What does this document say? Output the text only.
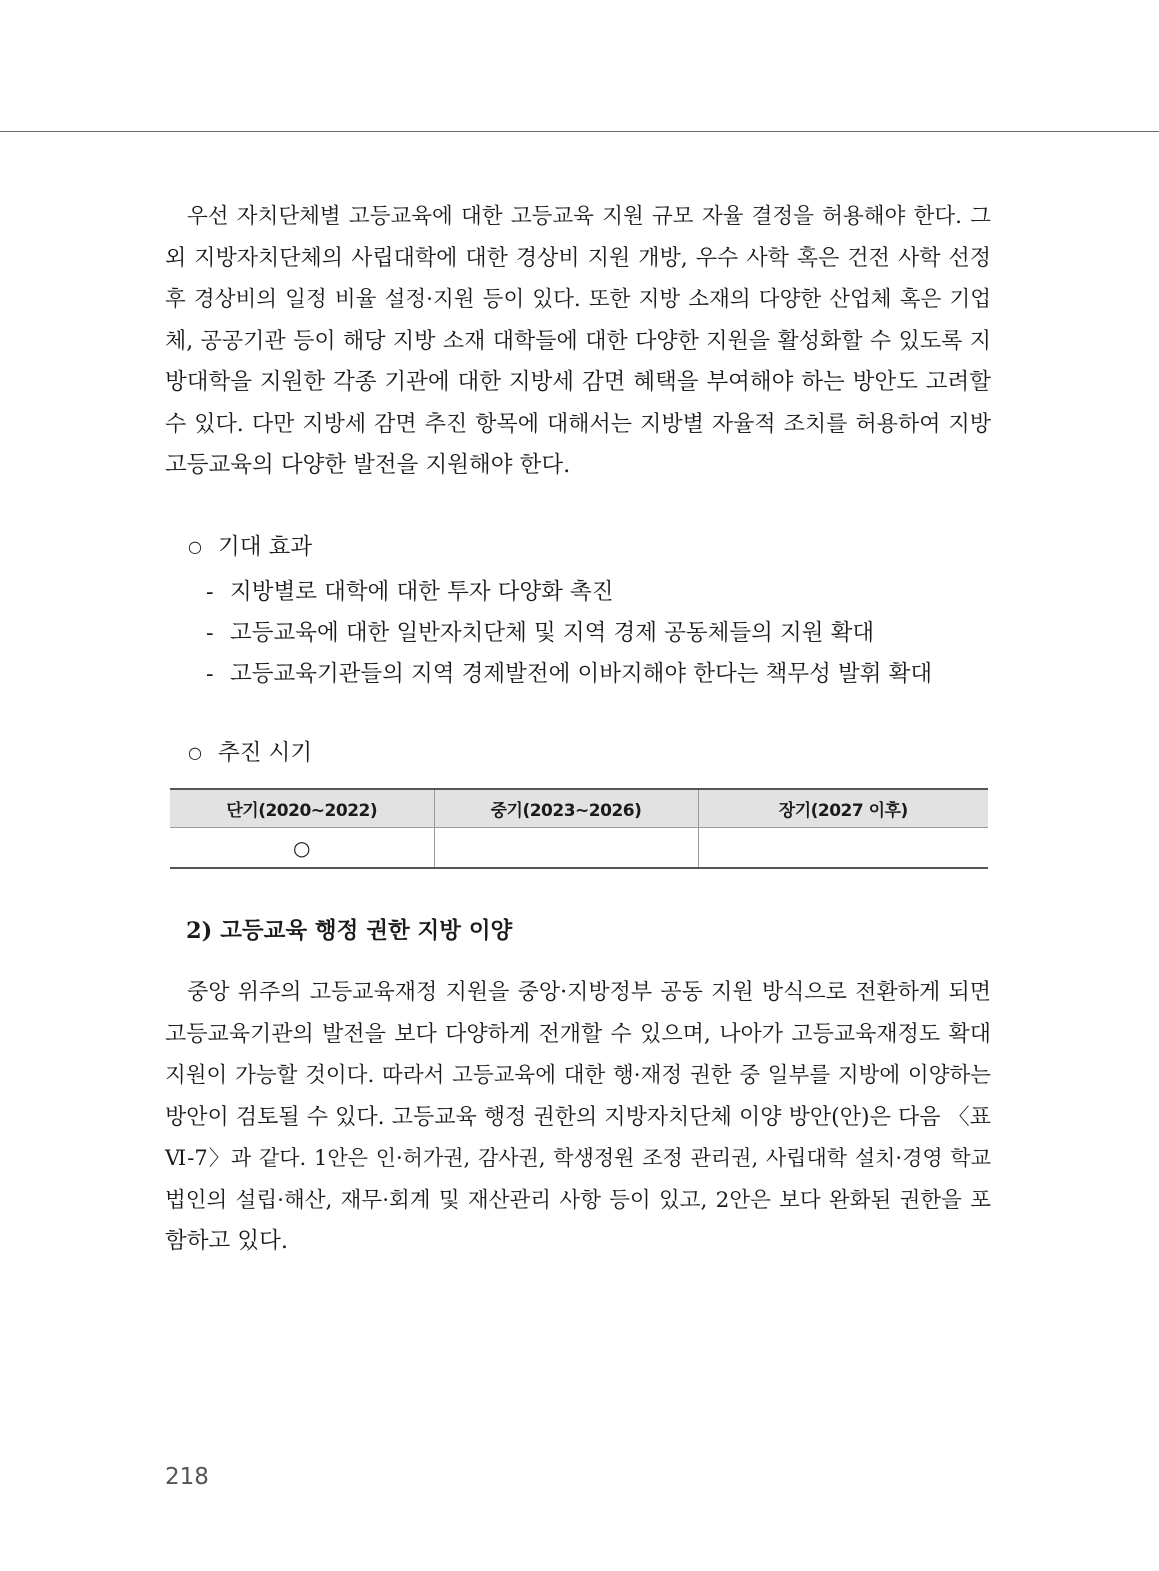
우선 자치단체별 고등교육에 대한 고등교육 지원 규모 자율 결정을 허용해야 한다. 그
외 지방자치단체의 사립대학에 대한 경상비 지원 개방, 우수 사학 혹은 건전 사학 선정
후 경상비의 일정 비율 설정·지원 등이 있다. 또한 지방 소재의 다양한 산업체 혹은 기업
체, 공공기관 등이 해당 지방 소재 대학들에 대한 다양한 지원을 활성화할 수 있도록 지
방대학을 지원한 각종 기관에 대한 지방세 감면 혜택을 부여해야 하는 방안도 고려할
수 있다. 다만 지방세 감면 추진 항목에 대해서는 지방별 자율적 조치를 허용하여 지방
고등교육의 다양한 발전을 지원해야 한다.

○ 기대 효과
- 지방별로 대학에 대한 투자 다양화 촉진
- 고등교육에 대한 일반자치단체 및 지역 경제 공동체들의 지원 확대
- 고등교육기관들의 지역 경제발전에 이바지해야 한다는 책무성 발휘 확대
○ 추진 시기
단기(2020~2022)	중기(2023~2026)	장기(2027 이후)
○		
2) 고등교육 행정 권한 지방 이양

중앙 위주의 고등교육재정 지원을 중앙·지방정부 공동 지원 방식으로 전환하게 되면
고등교육기관의 발전을 보다 다양하게 전개할 수 있으며, 나아가 고등교육재정도 확대
지원이 가능할 것이다. 따라서 고등교육에 대한 행·재정 권한 중 일부를 지방에 이양하는
방안이 검토될 수 있다. 고등교육 행정 권한의 지방자치단체 이양 방안(안)은 다음 〈표
Ⅵ-7〉과 같다. 1안은 인·허가권, 감사권, 학생정원 조정 관리권, 사립대학 설치·경영 학교
법인의 설립·해산, 재무·회계 및 재산관리 사항 등이 있고, 2안은 보다 완화된 권한을 포
함하고 있다.

218
